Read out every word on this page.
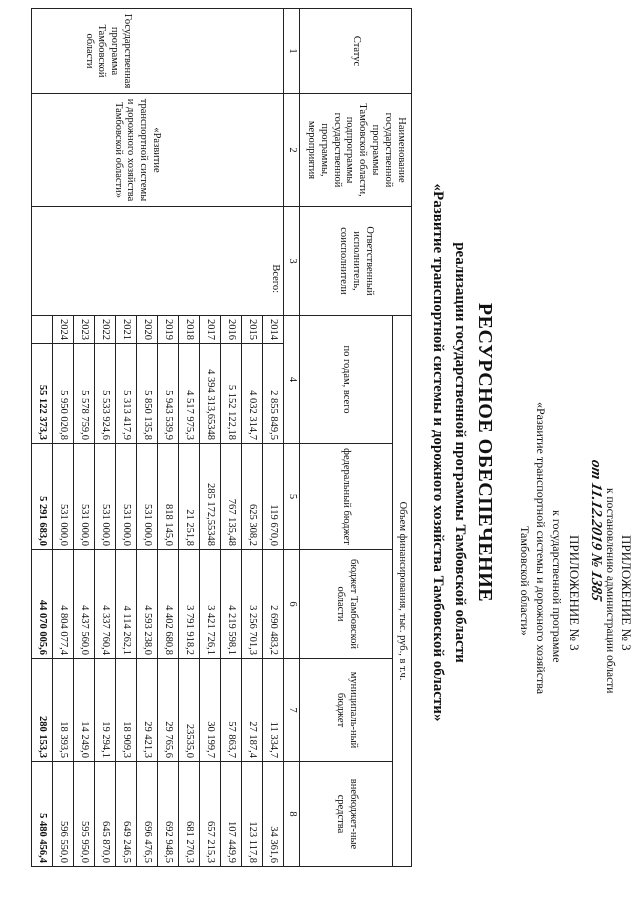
ПРИЛОЖЕНИЕ № 3
к постановлению администрации области
от 11.12.2019 № 1385
ПРИЛОЖЕНИЕ № 3
к государственной программе
«Развитие транспортной системы и дорожного хозяйства
Тамбовской области»
РЕСУРСНОЕ ОБЕСПЕЧЕНИЕ
реализации государственной программы Тамбовской области
«Развитие транспортной системы и дорожного хозяйства Тамбовской области»
Статус	Наименование государственной программы Тамбовской области, подпрограммы государственной программы, мероприятия	Ответственный исполнитель, соисполнители	Объем финансирования, тыс. руб., в т.ч.					
			по годам, всего		федеральный бюджет	бюджет Тамбовской области	муниципаль-ный бюджет	внебюджет-ные средства
1	2	3	4		5	6	7	8
Государственная программа Тамбовской области	«Развитие транспортной системы и дорожного хозяйства Тамбовской области»	Всего:	2014	2 855 849,5	119 670,0	2 690 483,2	11 334,7	34 361,6
			2015	4 032 314,7	625 308,2	3 256 701,3	27 187,4	123 117,8
			2016	5 152 122,18	767 135,48	4 219 598,1	57 863,7	107 449,9
			2017	4 394 313,65348	285 172,55348	3 421 726,1	30 199,7	657 215,3
			2018	4 517 975,3	21 251,8	3 791 918,2	23535,0	681 270,3
			2019	5 943 539,9	818 145,0	4 402 680,8	29 765,6	692 948,5
			2020	5 850 135,8	531 000,0	4 593 238,0	29 421,3	696 476,5
			2021	5 313 417,9	531 000,0	4 114 262,1	18 909,3	649 246,5
			2022	5 533 924,6	531 000,0	4 337 760,4	19 294,1	645 870,0
			2023	5 578 759,0	531 000,0	4 437 560,0	14 249,0	595 950,0
			2024	5 950 020,8	531 000,0	4 804 077,4	18 393,5	596 550,0
				55 122 373,3	5 291 683,0	44 070 005,6	280 153,3	5 480 456,4
